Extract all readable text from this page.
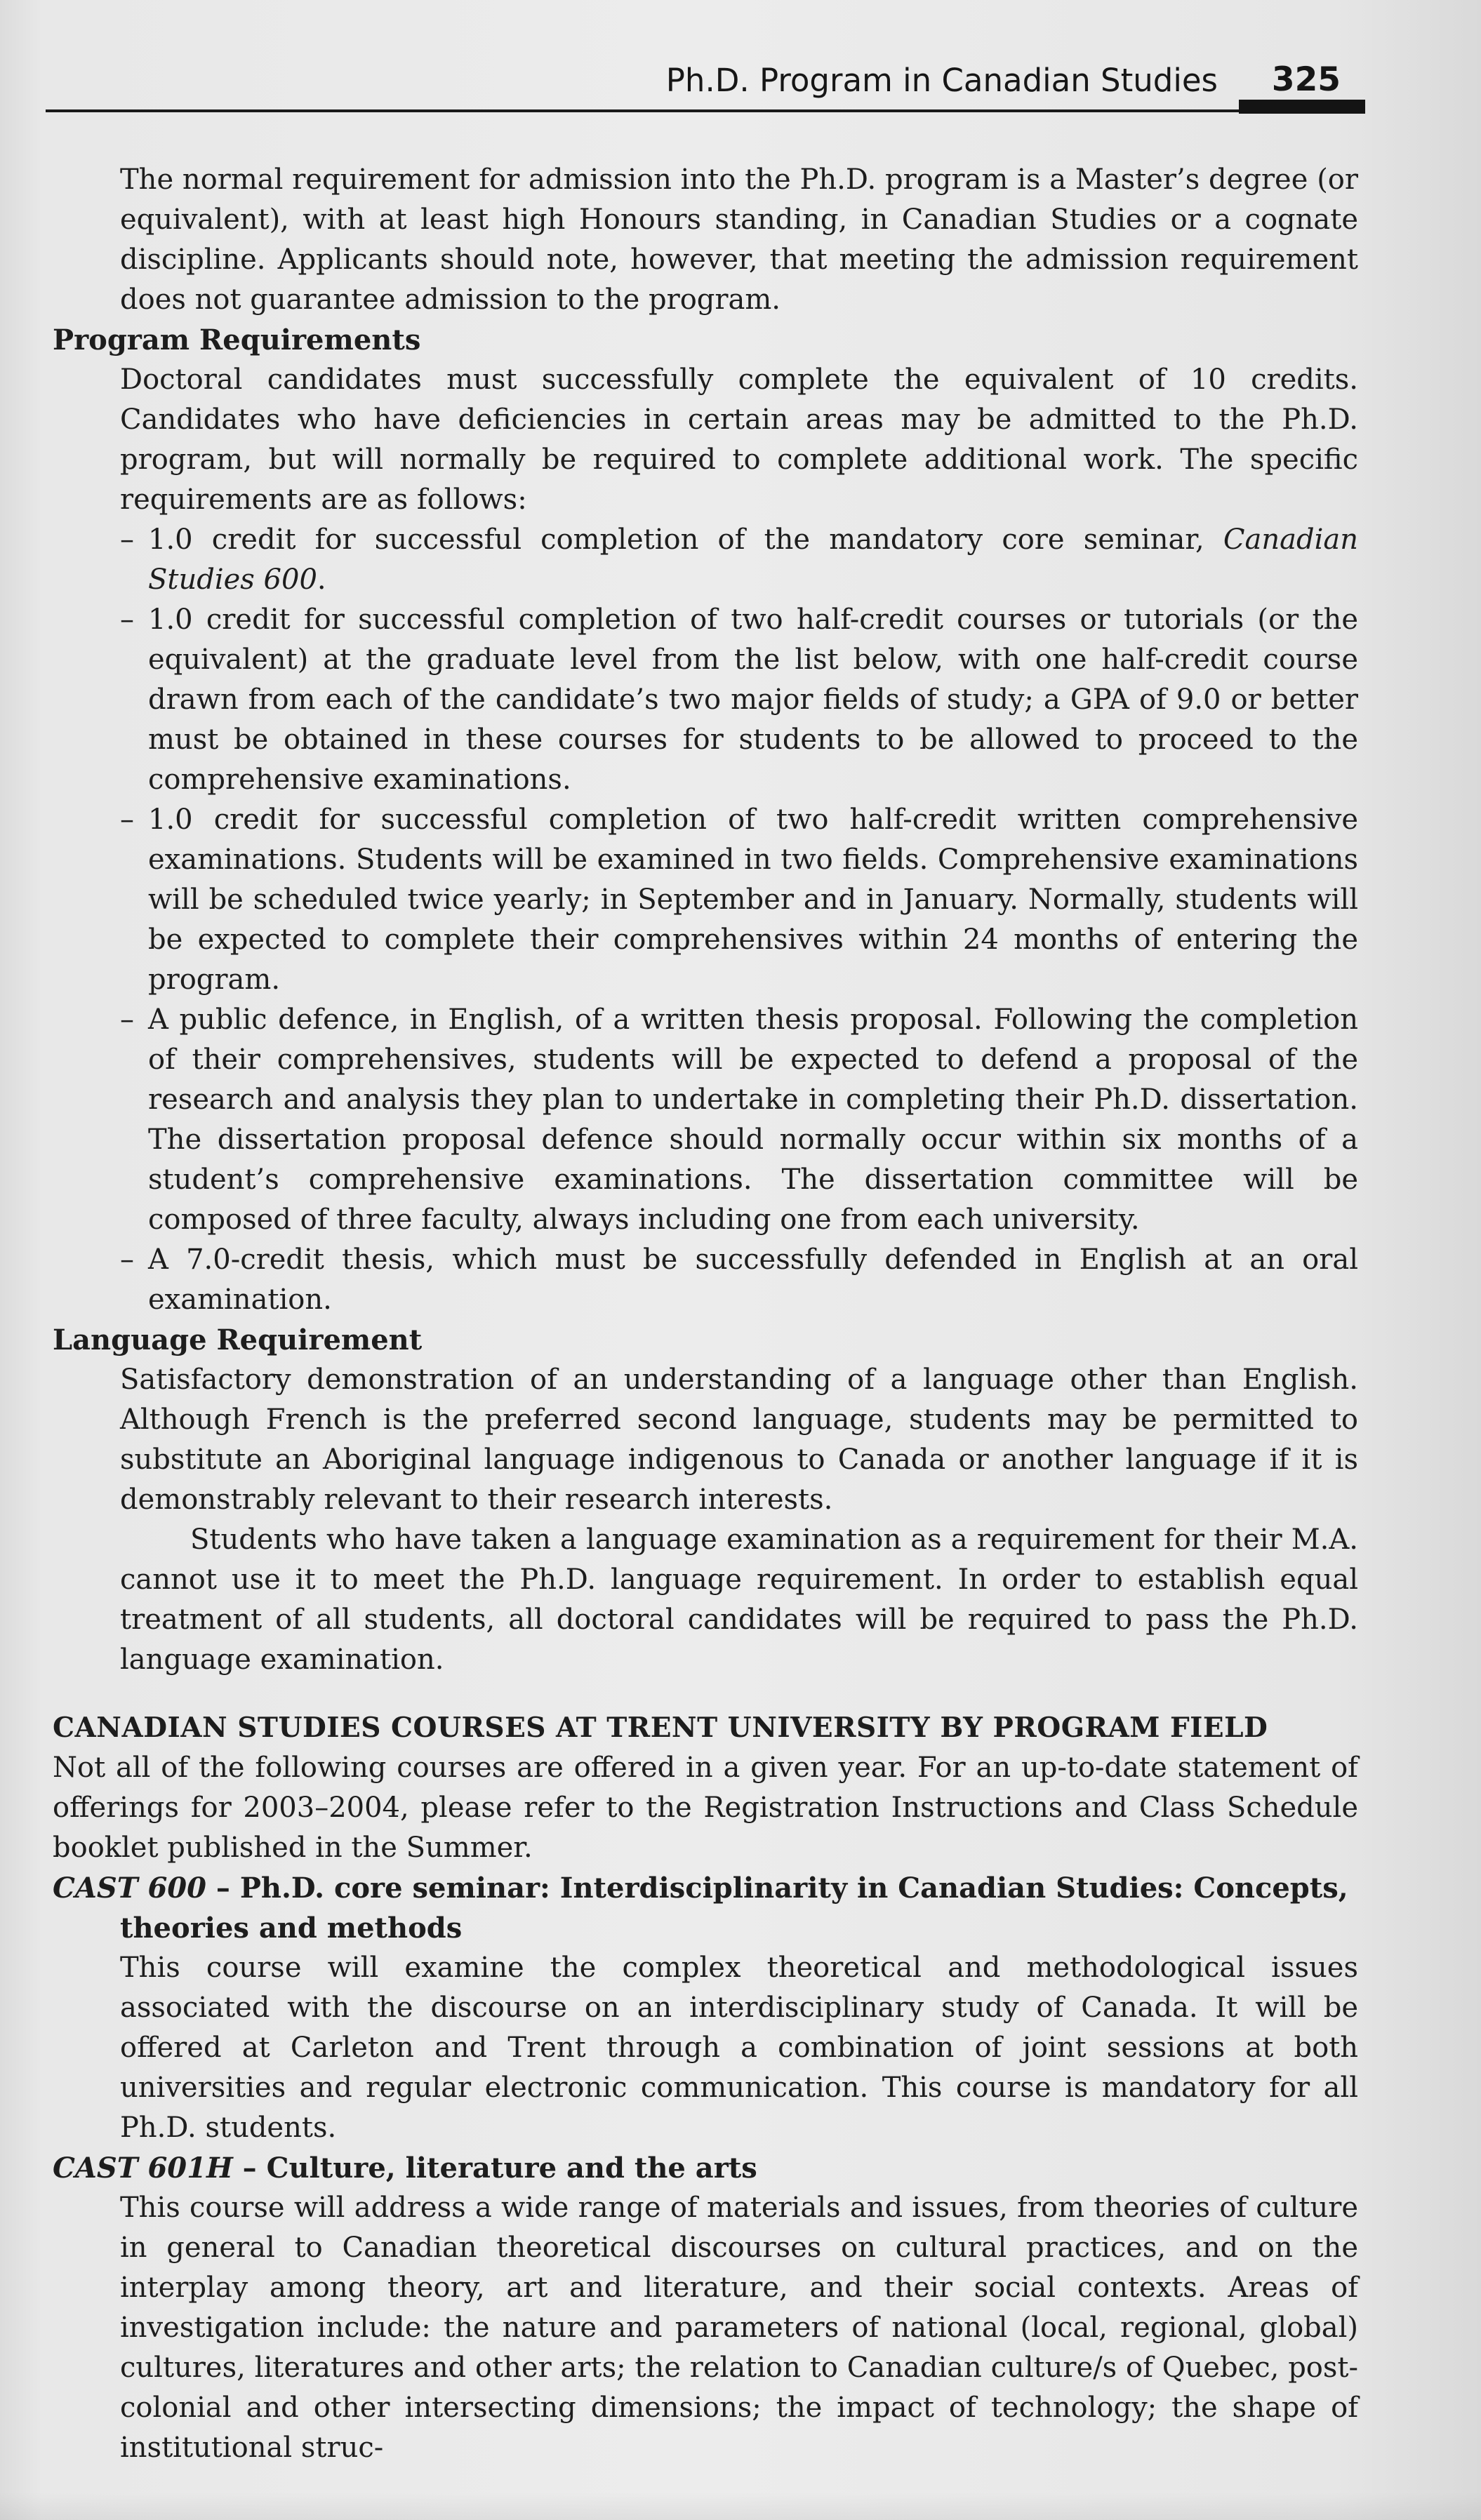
Ph.D. Program in Canadian Studies 325

The normal requirement for admission into the Ph.D. program is a Master’s degree (or equivalent), with at least high Honours standing, in Canadian Studies or a cognate discipline. Applicants should note, however, that meeting the admission requirement does not guarantee admission to the program.

Program Requirements

Doctoral candidates must successfully complete the equivalent of 10 credits. Candidates who have deficiencies in certain areas may be admitted to the Ph.D. program, but will normally be required to complete additional work. The specific requirements are as follows:

– 1.0 credit for successful completion of the mandatory core seminar, Canadian Studies 600.
– 1.0 credit for successful completion of two half-credit courses or tutorials (or the equivalent) at the graduate level from the list below, with one half-credit course drawn from each of the candidate’s two major fields of study; a GPA of 9.0 or better must be obtained in these courses for students to be allowed to proceed to the comprehensive examinations.
– 1.0 credit for successful completion of two half-credit written comprehensive examinations. Students will be examined in two fields. Comprehensive examinations will be scheduled twice yearly; in September and in January. Normally, students will be expected to complete their comprehensives within 24 months of entering the program.
– A public defence, in English, of a written thesis proposal. Following the completion of their comprehensives, students will be expected to defend a proposal of the research and analysis they plan to undertake in completing their Ph.D. dissertation. The dissertation proposal defence should normally occur within six months of a student’s comprehensive examinations. The dissertation committee will be composed of three faculty, always including one from each university.
– A 7.0-credit thesis, which must be successfully defended in English at an oral examination.

Language Requirement

Satisfactory demonstration of an understanding of a language other than English. Although French is the preferred second language, students may be permitted to substitute an Aboriginal language indigenous to Canada or another language if it is demonstrably relevant to their research interests.

Students who have taken a language examination as a requirement for their M.A. cannot use it to meet the Ph.D. language requirement. In order to establish equal treatment of all students, all doctoral candidates will be required to pass the Ph.D. language examination.

CANADIAN STUDIES COURSES AT TRENT UNIVERSITY BY PROGRAM FIELD

Not all of the following courses are offered in a given year. For an up-to-date statement of offerings for 2003–2004, please refer to the Registration Instructions and Class Schedule booklet published in the Summer.

CAST 600 – Ph.D. core seminar: Interdisciplinarity in Canadian Studies: Concepts, theories and methods

This course will examine the complex theoretical and methodological issues associated with the discourse on an interdisciplinary study of Canada. It will be offered at Carleton and Trent through a combination of joint sessions at both universities and regular electronic communication. This course is mandatory for all Ph.D. students.

CAST 601H – Culture, literature and the arts

This course will address a wide range of materials and issues, from theories of culture in general to Canadian theoretical discourses on cultural practices, and on the interplay among theory, art and literature, and their social contexts. Areas of investigation include: the nature and parameters of national (local, regional, global) cultures, literatures and other arts; the relation to Canadian culture/s of Quebec, post-colonial and other intersecting dimensions; the impact of technology; the shape of institutional struc-
